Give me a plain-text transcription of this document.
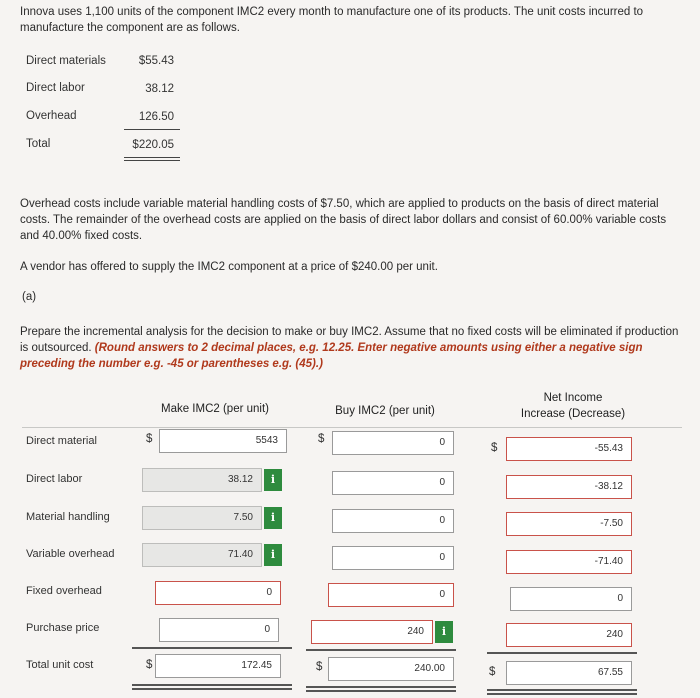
Innova uses 1,100 units of the component IMC2 every month to manufacture one of its products. The unit costs incurred to manufacture the component are as follows.
Direct materials	$55.43
Direct labor	38.12
Overhead	126.50
Total	$220.05
Overhead costs include variable material handling costs of $7.50, which are applied to products on the basis of direct material costs. The remainder of the overhead costs are applied on the basis of direct labor dollars and consist of 60.00% variable costs and 40.00% fixed costs.
A vendor has offered to supply the IMC2 component at a price of $240.00 per unit.
(a)
Prepare the incremental analysis for the decision to make or buy IMC2. Assume that no fixed costs will be eliminated if production is outsourced. (Round answers to 2 decimal places, e.g. 12.25. Enter negative amounts using either a negative sign preceding the number e.g. -45 or parentheses e.g. (45).)
Make IMC2 (per unit)	Buy IMC2 (per unit)
Net Income
Increase (Decrease)
Direct material	$	5543	$	0	$	-55.43
Direct labor	38.12	i	0	-38.12
Material handling	7.50	i	0	-7.50
Variable overhead	71.40	i	0	-71.40
Fixed overhead	0	0	0
Purchase price	0	240	i	240
Total unit cost	$	172.45	$	240.00	$	67.55
